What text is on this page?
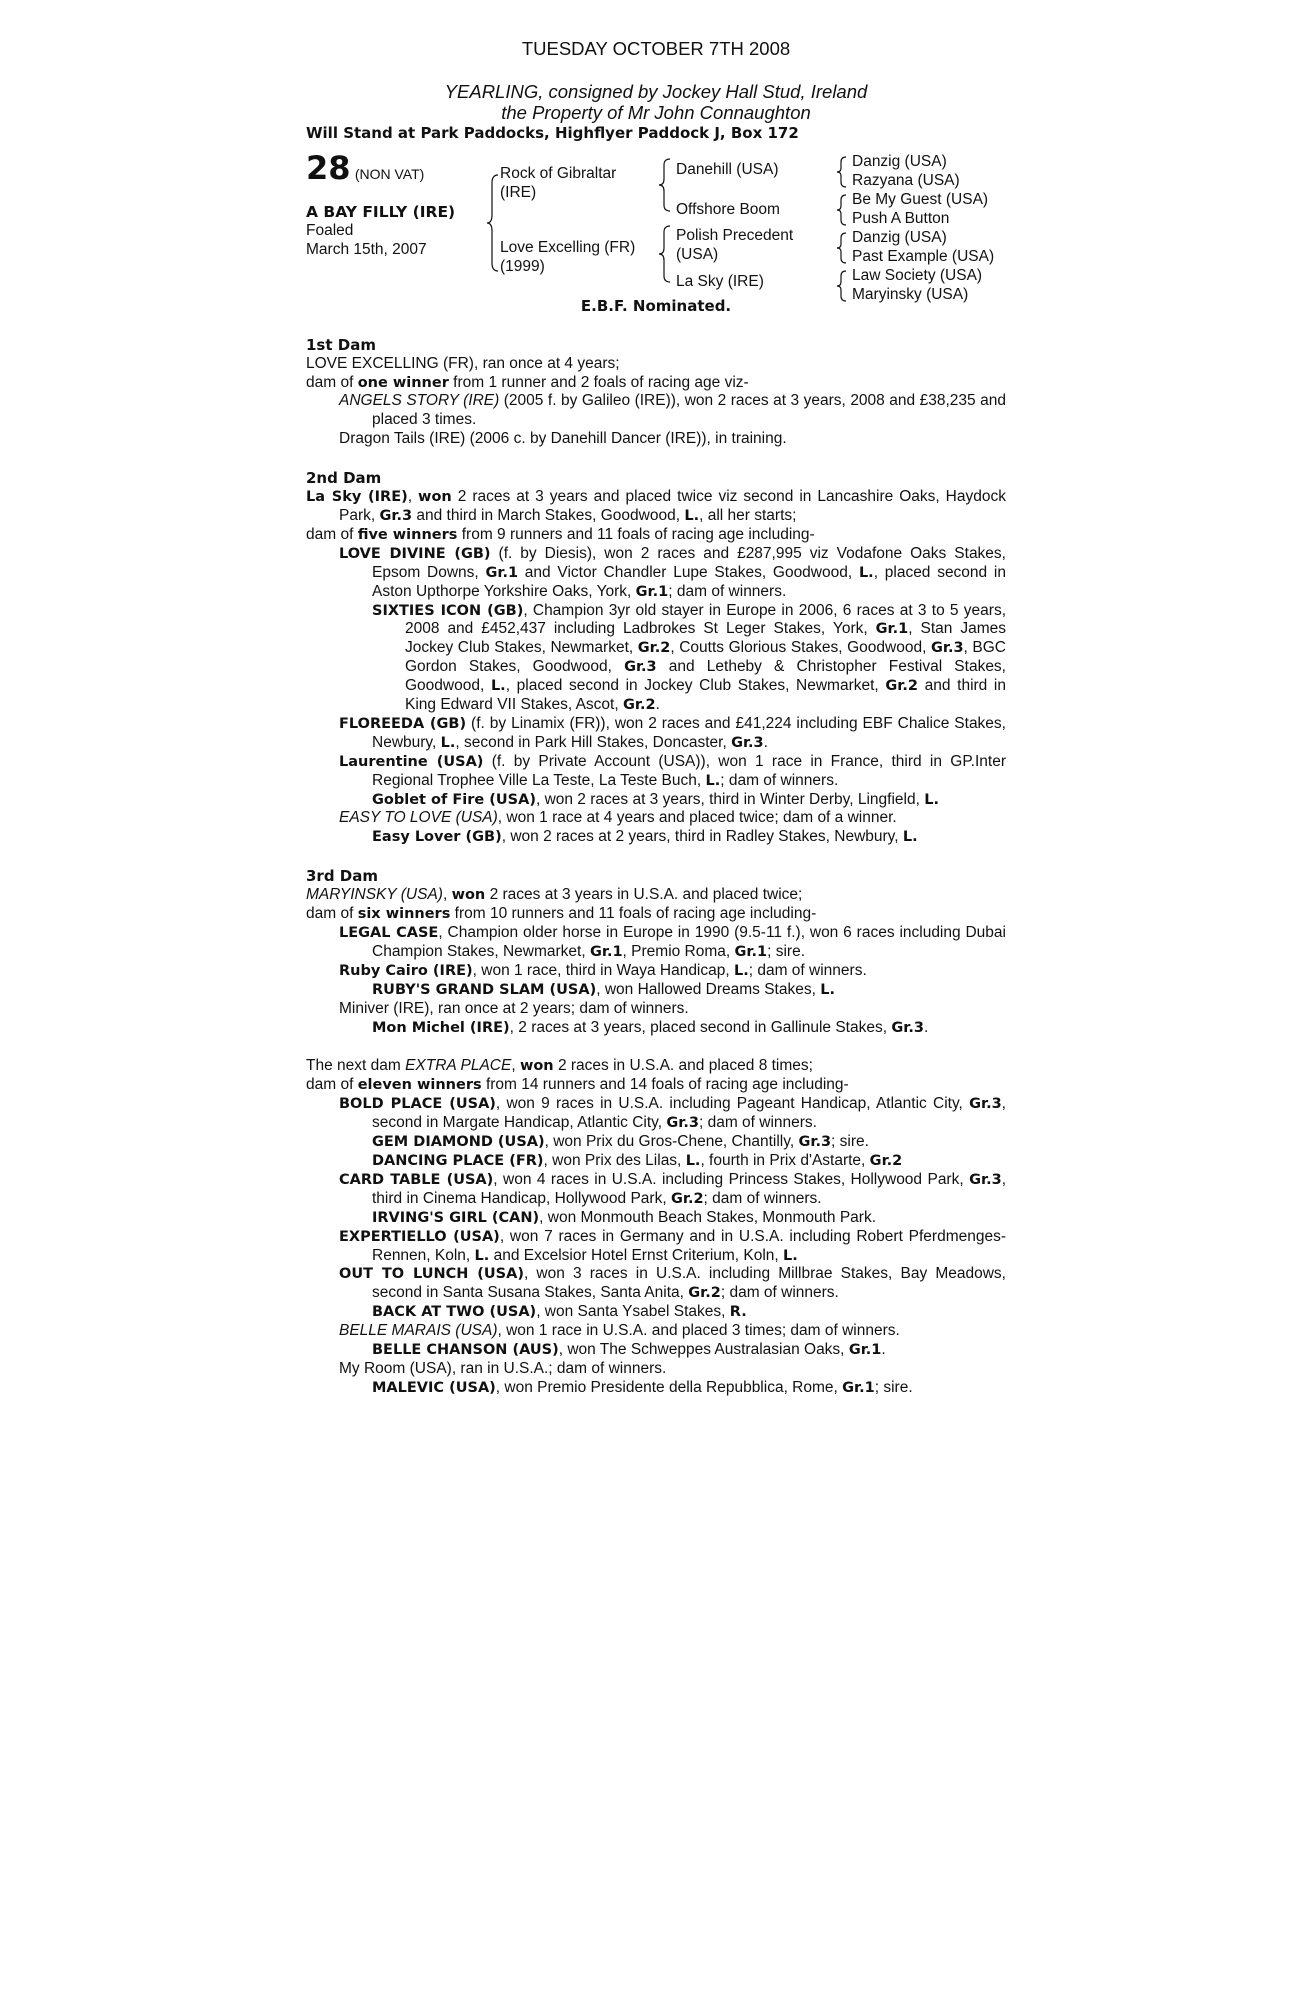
TUESDAY OCTOBER 7TH 2008
YEARLING, consigned by Jockey Hall Stud, Ireland
the Property of Mr John Connaughton
Will Stand at Park Paddocks, Highflyer Paddock J, Box 172
28 (NON VAT)
A BAY FILLY (IRE)
Foaled
March 15th, 2007
Rock of Gibraltar
(IRE)
Love Excelling (FR)
(1999)
Danehill (USA)
Offshore Boom
Polish Precedent
(USA)
La Sky (IRE)
Danzig (USA)
Razyana (USA)
Be My Guest (USA)
Push A Button
Danzig (USA)
Past Example (USA)
Law Society (USA)
Maryinsky (USA)
E.B.F. Nominated.
1st Dam
LOVE EXCELLING (FR), ran once at 4 years;
dam of one winner from 1 runner and 2 foals of racing age viz-
ANGELS STORY (IRE) (2005 f. by Galileo (IRE)), won 2 races at 3 years, 2008 and £38,235 and placed 3 times.
Dragon Tails (IRE) (2006 c. by Danehill Dancer (IRE)), in training.
2nd Dam
La Sky (IRE), won 2 races at 3 years and placed twice viz second in Lancashire Oaks, Haydock Park, Gr.3 and third in March Stakes, Goodwood, L., all her starts;
dam of five winners from 9 runners and 11 foals of racing age including-
LOVE DIVINE (GB) (f. by Diesis), won 2 races and £287,995 viz Vodafone Oaks Stakes, Epsom Downs, Gr.1 and Victor Chandler Lupe Stakes, Goodwood, L., placed second in Aston Upthorpe Yorkshire Oaks, York, Gr.1; dam of winners.
SIXTIES ICON (GB), Champion 3yr old stayer in Europe in 2006, 6 races at 3 to 5 years, 2008 and £452,437 including Ladbrokes St Leger Stakes, York, Gr.1, Stan James Jockey Club Stakes, Newmarket, Gr.2, Coutts Glorious Stakes, Goodwood, Gr.3, BGC Gordon Stakes, Goodwood, Gr.3 and Letheby & Christopher Festival Stakes, Goodwood, L., placed second in Jockey Club Stakes, Newmarket, Gr.2 and third in King Edward VII Stakes, Ascot, Gr.2.
FLOREEDA (GB) (f. by Linamix (FR)), won 2 races and £41,224 including EBF Chalice Stakes, Newbury, L., second in Park Hill Stakes, Doncaster, Gr.3.
Laurentine (USA) (f. by Private Account (USA)), won 1 race in France, third in GP.Inter Regional Trophee Ville La Teste, La Teste Buch, L.; dam of winners.
Goblet of Fire (USA), won 2 races at 3 years, third in Winter Derby, Lingfield, L.
EASY TO LOVE (USA), won 1 race at 4 years and placed twice; dam of a winner.
Easy Lover (GB), won 2 races at 2 years, third in Radley Stakes, Newbury, L.
3rd Dam
MARYINSKY (USA), won 2 races at 3 years in U.S.A. and placed twice;
dam of six winners from 10 runners and 11 foals of racing age including-
LEGAL CASE, Champion older horse in Europe in 1990 (9.5-11 f.), won 6 races including Dubai Champion Stakes, Newmarket, Gr.1, Premio Roma, Gr.1; sire.
Ruby Cairo (IRE), won 1 race, third in Waya Handicap, L.; dam of winners.
RUBY'S GRAND SLAM (USA), won Hallowed Dreams Stakes, L.
Miniver (IRE), ran once at 2 years; dam of winners.
Mon Michel (IRE), 2 races at 3 years, placed second in Gallinule Stakes, Gr.3.
The next dam EXTRA PLACE, won 2 races in U.S.A. and placed 8 times;
dam of eleven winners from 14 runners and 14 foals of racing age including-
BOLD PLACE (USA), won 9 races in U.S.A. including Pageant Handicap, Atlantic City, Gr.3, second in Margate Handicap, Atlantic City, Gr.3; dam of winners.
GEM DIAMOND (USA), won Prix du Gros-Chene, Chantilly, Gr.3; sire.
DANCING PLACE (FR), won Prix des Lilas, L., fourth in Prix d'Astarte, Gr.2
CARD TABLE (USA), won 4 races in U.S.A. including Princess Stakes, Hollywood Park, Gr.3, third in Cinema Handicap, Hollywood Park, Gr.2; dam of winners.
IRVING'S GIRL (CAN), won Monmouth Beach Stakes, Monmouth Park.
EXPERTIELLO (USA), won 7 races in Germany and in U.S.A. including Robert Pferdmenges-Rennen, Koln, L. and Excelsior Hotel Ernst Criterium, Koln, L.
OUT TO LUNCH (USA), won 3 races in U.S.A. including Millbrae Stakes, Bay Meadows, second in Santa Susana Stakes, Santa Anita, Gr.2; dam of winners.
BACK AT TWO (USA), won Santa Ysabel Stakes, R.
BELLE MARAIS (USA), won 1 race in U.S.A. and placed 3 times; dam of winners.
BELLE CHANSON (AUS), won The Schweppes Australasian Oaks, Gr.1.
My Room (USA), ran in U.S.A.; dam of winners.
MALEVIC (USA), won Premio Presidente della Repubblica, Rome, Gr.1; sire.
